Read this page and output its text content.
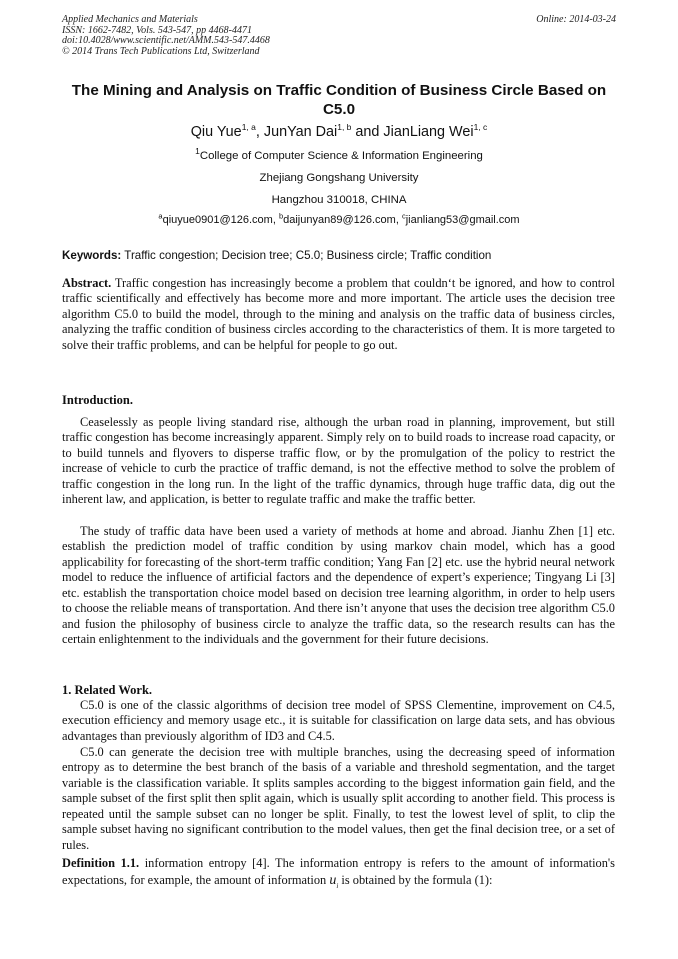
Applied Mechanics and Materials
ISSN: 1662-7482, Vols. 543-547, pp 4468-4471
doi:10.4028/www.scientific.net/AMM.543-547.4468
© 2014 Trans Tech Publications Ltd, Switzerland
Online: 2014-03-24
The Mining and Analysis on Traffic Condition of Business Circle Based on C5.0
Qiu Yue$^{1, a}$, JunYan Dai$^{1, b}$ and JianLiang Wei$^{1, c}$
$^1$College of Computer Science & Information Engineering
Zhejiang Gongshang University
Hangzhou 310018, CHINA
$^a$qiuyue0901@126.com, $^b$daijunyan89@126.com, $^c$jianliang53@gmail.com
Keywords: Traffic congestion; Decision tree; C5.0; Business circle; Traffic condition
Abstract. Traffic congestion has increasingly become a problem that couldn‘t be ignored, and how to control traffic scientifically and effectively has become more and more important. The article uses the decision tree algorithm C5.0 to build the model, through to the mining and analysis on the traffic data of business circles, analyzing the traffic condition of business circles according to the characteristics of them. It is more targeted to solve their traffic problems, and can be helpful for people to go out.
Introduction.
Ceaselessly as people living standard rise, although the urban road in planning, improvement, but still traffic congestion has become increasingly apparent. Simply rely on to build roads to increase road capacity, or to build tunnels and flyovers to disperse traffic flow, or by the promulgation of the policy to restrict the increase of vehicle to curb the practice of traffic demand, is not the effective method to solve the problem of traffic congestion in the long run. In the light of the traffic dynamics, through huge traffic data, dig out the inherent law, and application, is better to regulate traffic and make the traffic better.
The study of traffic data have been used a variety of methods at home and abroad. Jianhu Zhen [1] etc. establish the prediction model of traffic condition by using markov chain model, which has a good applicability for forecasting of the short-term traffic condition; Yang Fan [2] etc. use the hybrid neural network model to reduce the influence of artificial factors and the dependence of expert’s experience; Tingyang Li [3] etc. establish the transportation choice model based on decision tree learning algorithm, in order to help users to choose the reliable means of transportation. And there isn’t anyone that uses the decision tree algorithm C5.0 and fusion the philosophy of business circle to analyze the traffic data, so the research results can has the certain enlightenment to the individuals and the government for their future decisions.
1. Related Work.
C5.0 is one of the classic algorithms of decision tree model of SPSS Clementine, improvement on C4.5, execution efficiency and memory usage etc., it is suitable for classification on large data sets, and has obvious advantages than previously algorithm of ID3 and C4.5.
C5.0 can generate the decision tree with multiple branches, using the decreasing speed of information entropy as to determine the best branch of the basis of a variable and threshold segmentation, and the target variable is the classification variable. It splits samples according to the biggest information gain field, and the sample subset of the first split then split again, which is usually split according to another field. This process is repeated until the sample subset can no longer be split. Finally, to test the lowest level of split, to clip the sample subset having no significant contribution to the model values, then get the final decision tree, or a set of rules.
Definition 1.1. information entropy [4]. The information entropy is refers to the amount of information's expectations, for example, the amount of information $u_i$ is obtained by the formula (1):
